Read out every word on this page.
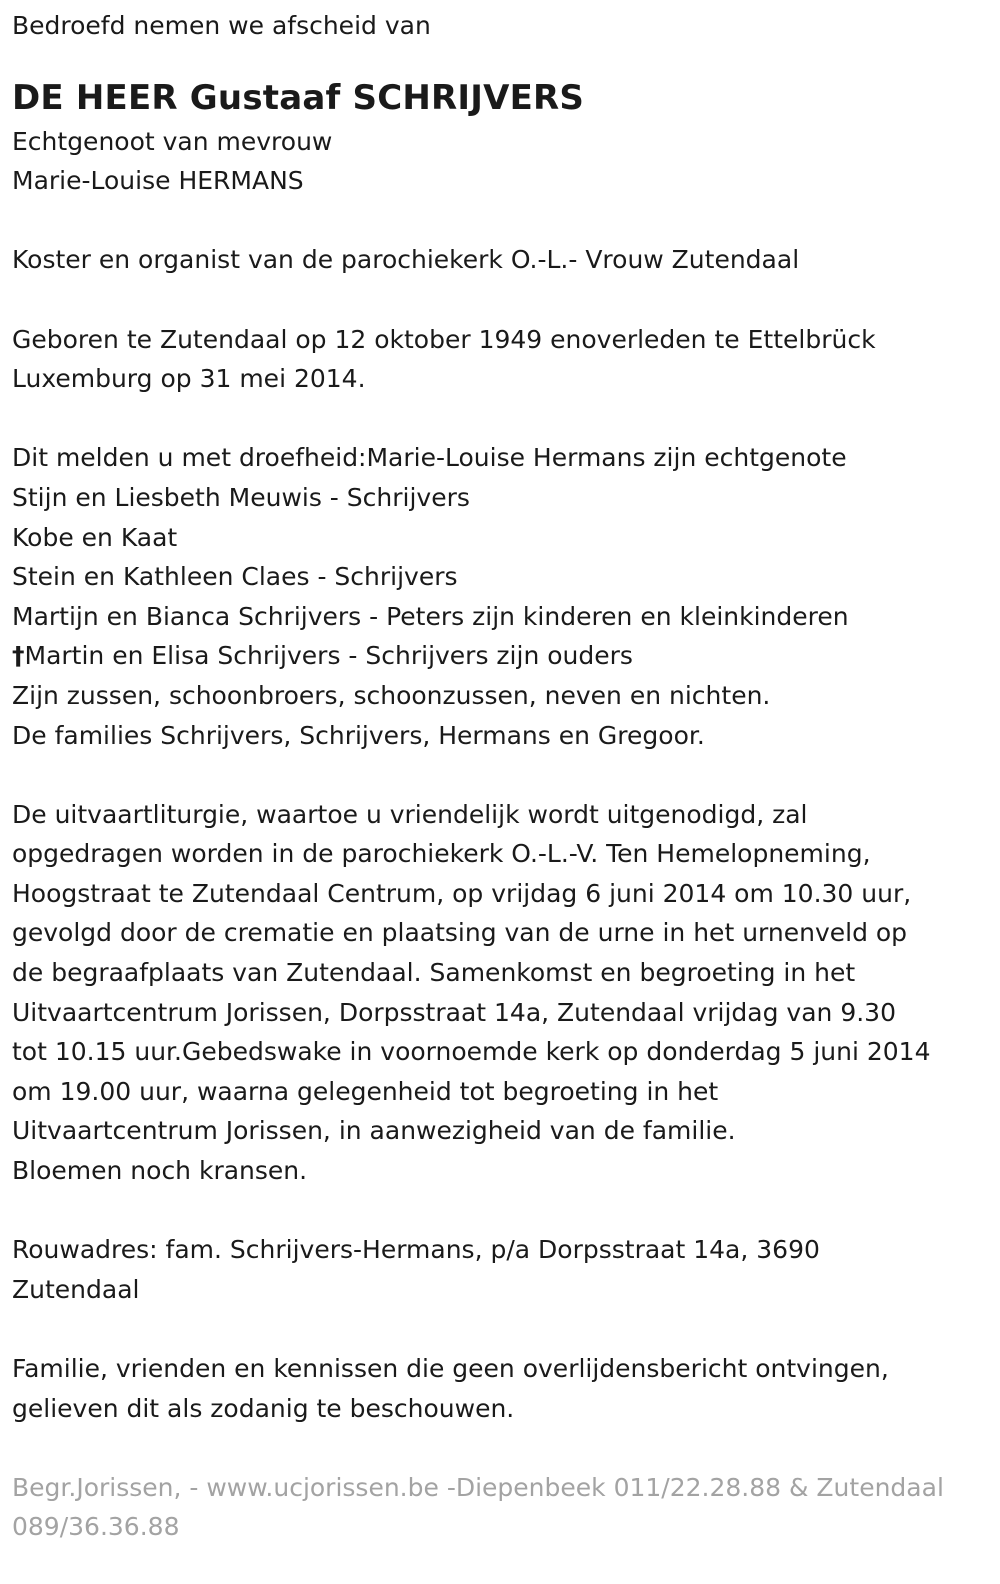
Bedroefd nemen we afscheid van

DE HEER Gustaaf SCHRIJVERS

Echtgenoot van mevrouw

Marie-Louise HERMANS

Koster en organist van de parochiekerk O.-L.- Vrouw Zutendaal

Geboren te Zutendaal op 12 oktober 1949 enoverleden te Ettelbrück

Luxemburg op 31 mei 2014.

Dit melden u met droefheid:Marie-Louise Hermans zijn echtgenote

Stijn en Liesbeth Meuwis - Schrijvers

Kobe en Kaat

Stein en Kathleen Claes - Schrijvers

Martijn en Bianca Schrijvers - Peters zijn kinderen en kleinkinderen

†Martin en Elisa Schrijvers - Schrijvers zijn ouders

Zijn zussen, schoonbroers, schoonzussen, neven en nichten.

De families Schrijvers, Schrijvers, Hermans en Gregoor.

De uitvaartliturgie, waartoe u vriendelijk wordt uitgenodigd, zal

opgedragen worden in de parochiekerk O.-L.-V. Ten Hemelopneming,

Hoogstraat te Zutendaal Centrum, op vrijdag 6 juni 2014 om 10.30 uur,

gevolgd door de crematie en plaatsing van de urne in het urnenveld op

de begraafplaats van Zutendaal. Samenkomst en begroeting in het

Uitvaartcentrum Jorissen, Dorpsstraat 14a, Zutendaal vrijdag van 9.30

tot 10.15 uur.Gebedswake in voornoemde kerk op donderdag 5 juni 2014

om 19.00 uur, waarna gelegenheid tot begroeting in het

Uitvaartcentrum Jorissen, in aanwezigheid van de familie.

Bloemen noch kransen.

Rouwadres: fam. Schrijvers-Hermans, p/a Dorpsstraat 14a, 3690

Zutendaal

Familie, vrienden en kennissen die geen overlijdensbericht ontvingen,

gelieven dit als zodanig te beschouwen.

Begr.Jorissen, - www.ucjorissen.be -Diepenbeek 011/22.28.88 & Zutendaal

089/36.36.88
